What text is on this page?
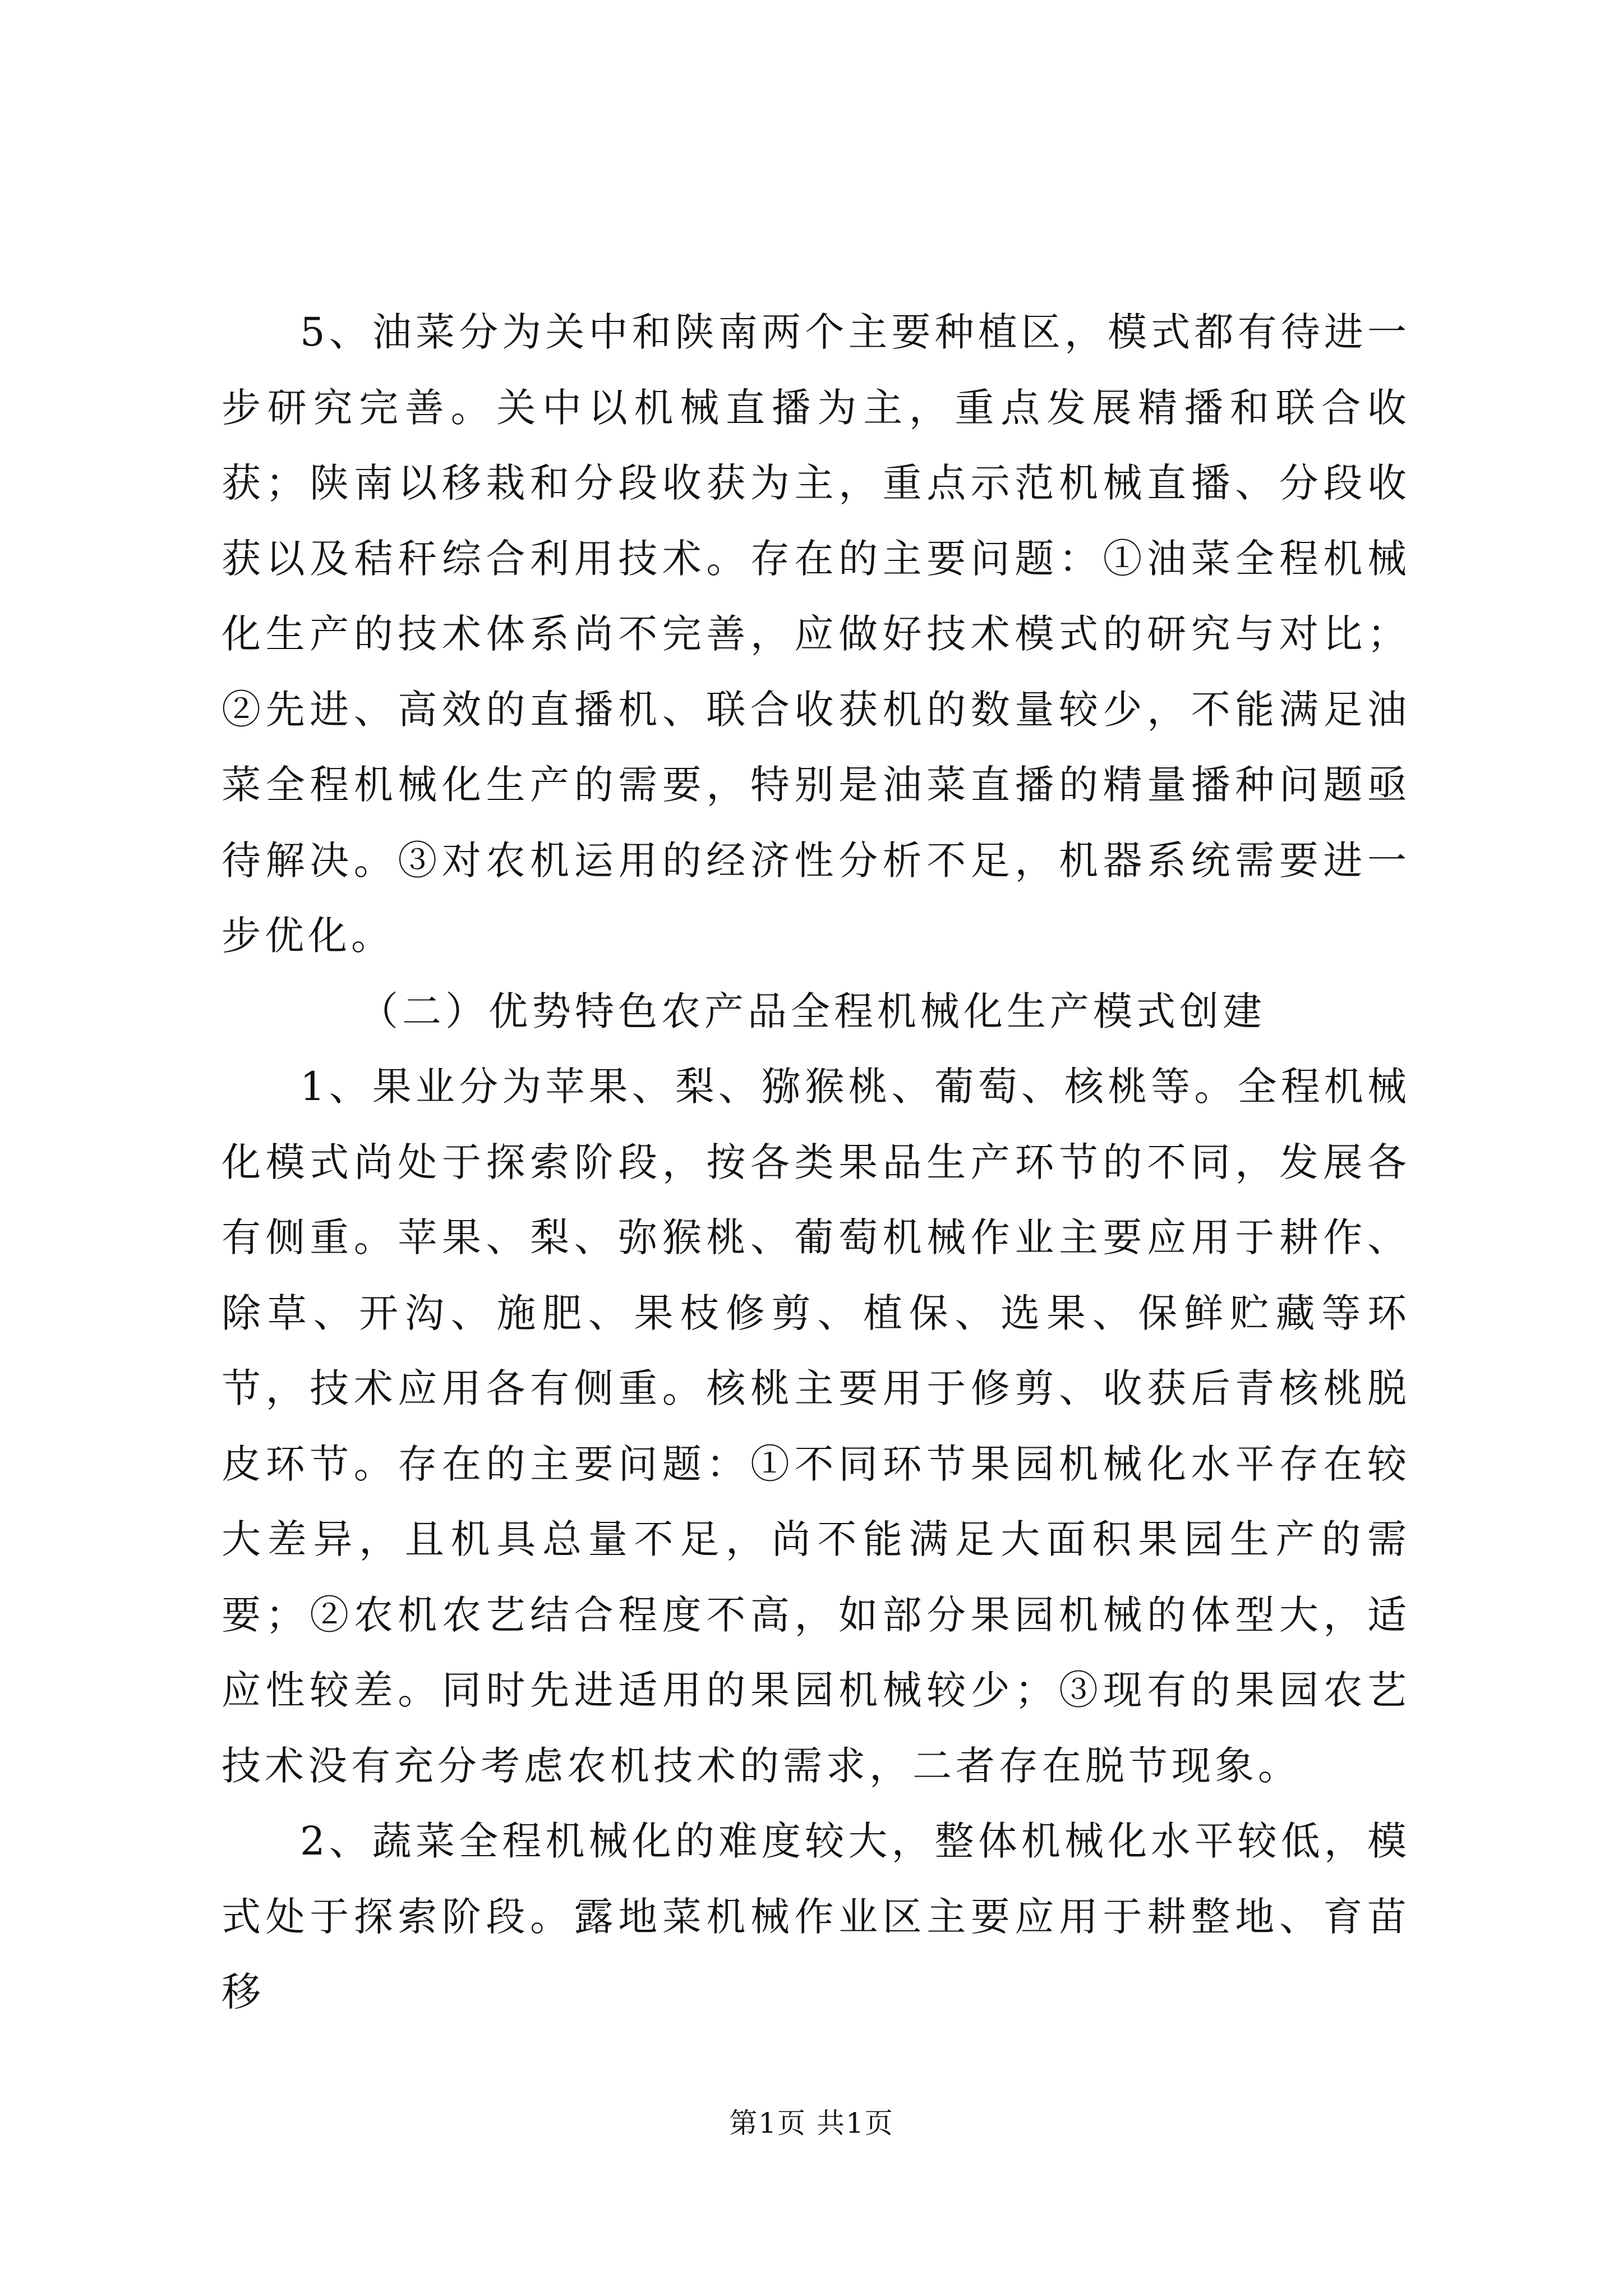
5、油菜分为关中和陕南两个主要种植区，模式都有待进一步研究完善。关中以机械直播为主，重点发展精播和联合收获；陕南以移栽和分段收获为主，重点示范机械直播、分段收获以及秸秆综合利用技术。存在的主要问题：①油菜全程机械化生产的技术体系尚不完善，应做好技术模式的研究与对比；②先进、高效的直播机、联合收获机的数量较少，不能满足油菜全程机械化生产的需要，特别是油菜直播的精量播种问题亟待解决。③对农机运用的经济性分析不足，机器系统需要进一步优化。

（二）优势特色农产品全程机械化生产模式创建

1、果业分为苹果、梨、猕猴桃、葡萄、核桃等。全程机械化模式尚处于探索阶段，按各类果品生产环节的不同，发展各有侧重。苹果、梨、弥猴桃、葡萄机械作业主要应用于耕作、除草、开沟、施肥、果枝修剪、植保、选果、保鲜贮藏等环节，技术应用各有侧重。核桃主要用于修剪、收获后青核桃脱皮环节。存在的主要问题：①不同环节果园机械化水平存在较大差异，且机具总量不足，尚不能满足大面积果园生产的需要；②农机农艺结合程度不高，如部分果园机械的体型大，适应性较差。同时先进适用的果园机械较少；③现有的果园农艺技术没有充分考虑农机技术的需求，二者存在脱节现象。

2、蔬菜全程机械化的难度较大，整体机械化水平较低，模式处于探索阶段。露地菜机械作业区主要应用于耕整地、育苗移

第1页 共1页
